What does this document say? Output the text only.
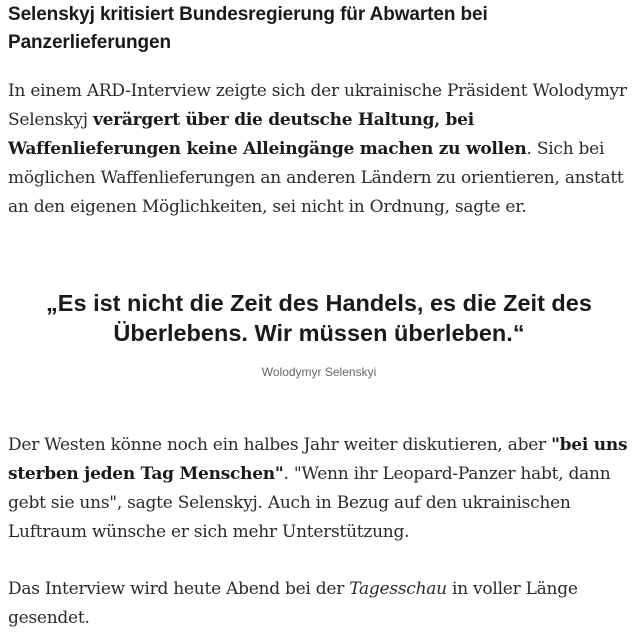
Selenskyj kritisiert Bundesregierung für Abwarten bei Panzerlieferungen

In einem ARD-Interview zeigte sich der ukrainische Präsident Wolodymyr Selenskyj verärgert über die deutsche Haltung, bei Waffenlieferungen keine Alleingänge machen zu wollen. Sich bei möglichen Waffenlieferungen an anderen Ländern zu orientieren, anstatt an den eigenen Möglichkeiten, sei nicht in Ordnung, sagte er.

„Es ist nicht die Zeit des Handels, es die Zeit des Überlebens. Wir müssen überleben.“
Wolodymyr Selenskyi

Der Westen könne noch ein halbes Jahr weiter diskutieren, aber "bei uns sterben jeden Tag Menschen". "Wenn ihr Leopard-Panzer habt, dann gebt sie uns", sagte Selenskyj. Auch in Bezug auf den ukrainischen Luftraum wünsche er sich mehr Unterstützung.

Das Interview wird heute Abend bei der Tagesschau in voller Länge gesendet.
